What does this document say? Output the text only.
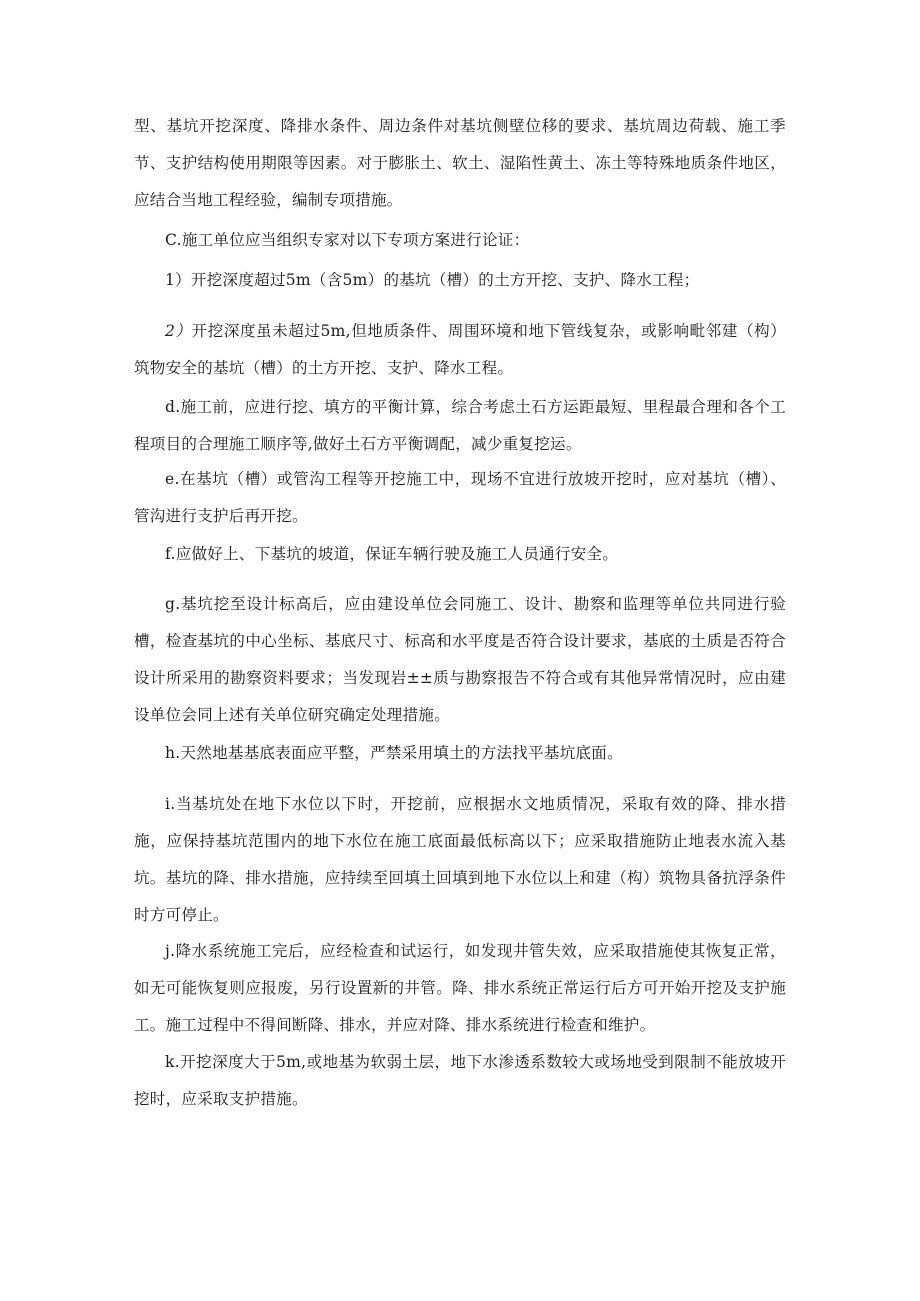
型、基坑开挖深度、降排水条件、周边条件对基坑侧壁位移的要求、基坑周边荷载、施工季节、支护结构使用期限等因素。对于膨胀土、软土、湿陷性黄土、冻土等特殊地质条件地区，应结合当地工程经验，编制专项措施。

C.施工单位应当组织专家对以下专项方案进行论证：

1）开挖深度超过5m（含5m）的基坑（槽）的土方开挖、支护、降水工程；

2）开挖深度虽未超过5m,但地质条件、周围环境和地下管线复杂，或影响毗邻建（构）筑物安全的基坑（槽）的土方开挖、支护、降水工程。

d.施工前，应进行挖、填方的平衡计算，综合考虑土石方运距最短、里程最合理和各个工程项目的合理施工顺序等,做好土石方平衡调配，减少重复挖运。

e.在基坑（槽）或管沟工程等开挖施工中，现场不宜进行放坡开挖时，应对基坑（槽）、管沟进行支护后再开挖。

f.应做好上、下基坑的坡道，保证车辆行驶及施工人员通行安全。

g.基坑挖至设计标高后，应由建设单位会同施工、设计、勘察和监理等单位共同进行验槽，检查基坑的中心坐标、基底尺寸、标高和水平度是否符合设计要求，基底的土质是否符合设计所采用的勘察资料要求；当发现岩±±质与勘察报告不符合或有其他异常情况时，应由建设单位会同上述有关单位研究确定处理措施。

h.天然地基基底表面应平整，严禁采用填土的方法找平基坑底面。

i.当基坑处在地下水位以下时，开挖前，应根据水文地质情况，采取有效的降、排水措施，应保持基坑范围内的地下水位在施工底面最低标高以下；应采取措施防止地表水流入基坑。基坑的降、排水措施，应持续至回填土回填到地下水位以上和建（构）筑物具备抗浮条件时方可停止。

j.降水系统施工完后，应经检查和试运行，如发现井管失效，应采取措施使其恢复正常，如无可能恢复则应报废，另行设置新的井管。降、排水系统正常运行后方可开始开挖及支护施工。施工过程中不得间断降、排水，并应对降、排水系统进行检查和维护。

k.开挖深度大于5m,或地基为软弱土层，地下水渗透系数较大或场地受到限制不能放坡开挖时，应采取支护措施。
